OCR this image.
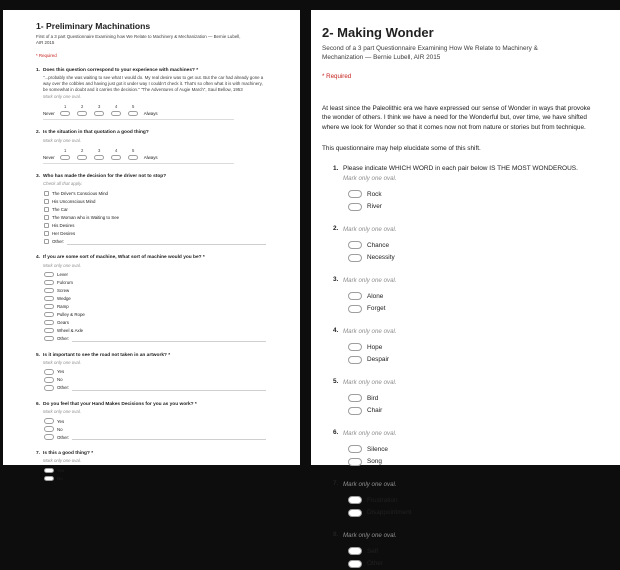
1- Preliminary Machinations
First of a 3 part Questionnaire Examining how We Relate to Machinery & Mechanization — Bernie Lubell, AIR 2015
* Required
1. Does this question correspond to your experience with machines? *
"...probably she was waiting to see what I would do. My real desire was to get out. But the car had already gone a way over the cobbles and having just got it under way I couldn't check it. That's so often what it is with machinery, be somewhat in doubt and it carries the decision." "The Adventures of Augie March", Saul Bellow, 1953
Mark only one oval.
Never
1	2	3	4	5
Always
2. Is the situation in that quotation a good thing?
Mark only one oval.
Never
1	2	3	4	5
Always
3. Who has made the decision for the driver not to stop?
Check all that apply.
The Driver's Conscious Mind
His Unconscious Mind
The Car
The Woman who is Waiting to See
His Desires
Her Desires
Other:
4. If you are some sort of machine, What sort of machine would you be? *
Mark only one oval.
Lever
Fulcrum
Screw
Wedge
Ramp
Pulley & Rope
Gears
Wheel & Axle
Other:
5. Is it important to see the road not taken in an artwork? *
Mark only one oval.
Yes
No
Other:
6. Do you feel that your Hand Makes Decisions for you as you work? *
Mark only one oval.
Yes
No
Other:
7. Is this a good thing? *
Mark only one oval.
Yes
No
2- Making Wonder
Second of a 3 part Questionnaire Examining How We Relate to Machinery & Mechanization — Bernie Lubell, AIR 2015
* Required
At least since the Paleolithic era we have expressed our sense of Wonder in ways that provoke the wonder of others. I think we have a need for the Wonderful but, over time, we have shifted where we look for Wonder so that it comes now not from nature or stories but from technique.
This questionnaire may help elucidate some of this shift.
1. Please indicate WHICH WORD in each pair below IS THE MOST WONDEROUS.
Mark only one oval.
Rock
River
2. Mark only one oval.
Chance
Necessity
3. Mark only one oval.
Alone
Forget
4. Mark only one oval.
Hope
Despair
5. Mark only one oval.
Bird
Chair
6. Mark only one oval.
Silence
Song
7. Mark only one oval.
Frustration
Disappointment
8. Mark only one oval.
Self
Other
